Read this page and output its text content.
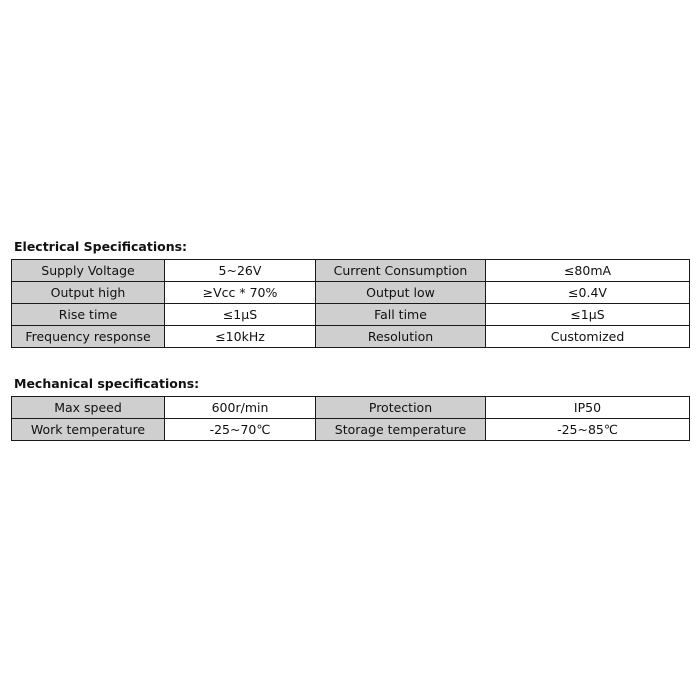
Electrical Specifications:
Supply Voltage	5~26V	Current Consumption	≤80mA
Output high	≥Vcc * 70%	Output low	≤0.4V
Rise time	≤1μS	Fall time	≤1μS
Frequency response	≤10kHz	Resolution	Customized
Mechanical specifications:
Max speed	600r/min	Protection	IP50
Work temperature	-25~70℃	Storage temperature	-25~85℃
